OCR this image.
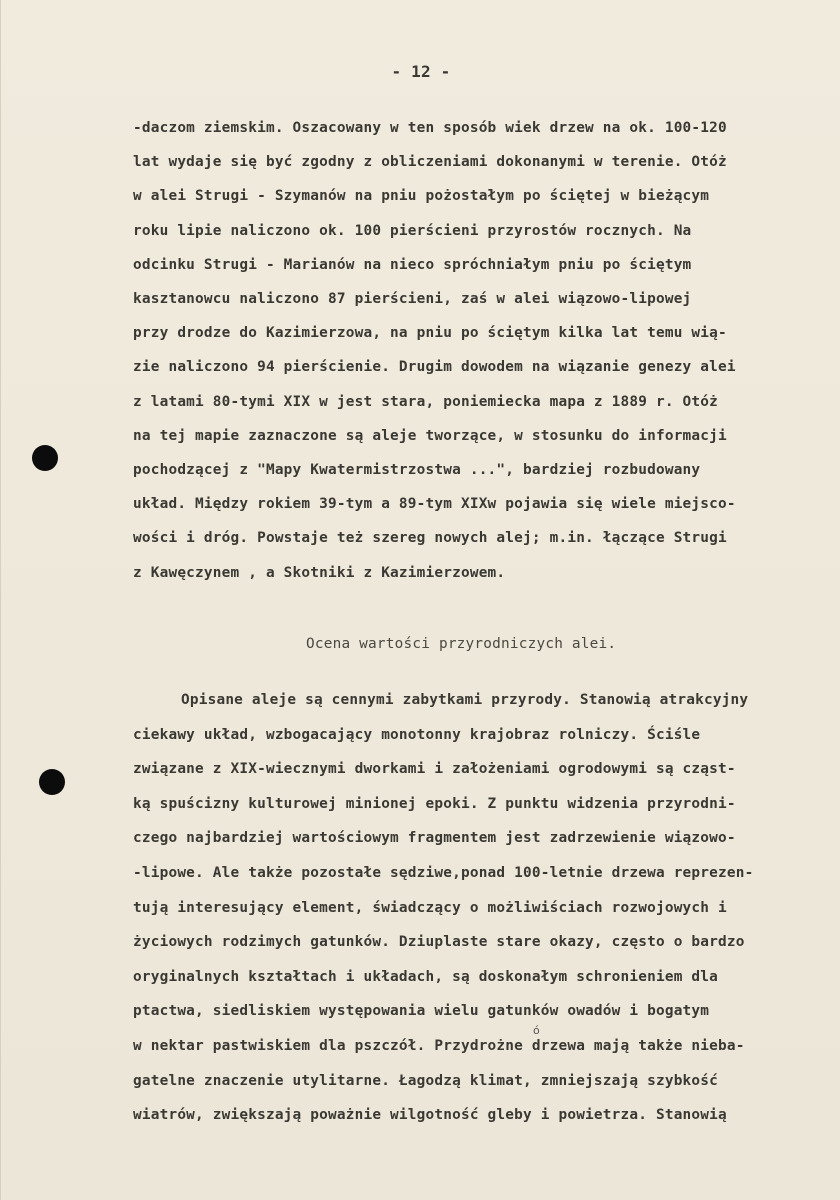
- 12 -
-daczom ziemskim. Oszacowany w ten sposób wiek drzew na ok. 100-120
lat wydaje się być zgodny z obliczeniami dokonanymi w terenie. Otóż
w alei Strugi - Szymanów na pniu pożostałym po ściętej w bieżącym
roku lipie naliczono ok. 100 pierścieni przyrostów rocznych. Na
odcinku Strugi - Marianów na nieco spróchniałym pniu po ściętym
kasztanowcu naliczono 87 pierścieni, zaś w alei wiązowo-lipowej
przy drodze do Kazimierzowa, na pniu po ściętym kilka lat temu wią-
zie naliczono 94 pierścienie. Drugim dowodem na wiązanie genezy alei
z latami 80-tymi XIX w jest stara, poniemiecka mapa z 1889 r. Otóż
na tej mapie zaznaczone są aleje tworzące, w stosunku do informacji
pochodzącej z "Mapy Kwatermistrzostwa ...", bardziej rozbudowany
układ. Między rokiem 39-tym a 89-tym XIXw pojawia się wiele miejsco-
wości i dróg. Powstaje też szereg nowych alej; m.in. łączące Strugi
z Kawęczynem , a Skotniki z Kazimierzowem.
Ocena wartości przyrodniczych alei.
Opisane aleje są cennymi zabytkami przyrody. Stanowią atrakcyjny
ciekawy układ, wzbogacający monotonny krajobraz rolniczy. Ściśle
związane z XIX-wiecznymi dworkami i założeniami ogrodowymi są cząst-
ką spuścizny kulturowej minionej epoki. Z punktu widzenia przyrodni-
czego najbardziej wartościowym fragmentem jest zadrzewienie wiązowo-
-lipowe. Ale także pozostałe sędziwe,ponad 100-letnie drzewa reprezen-
tują interesujący element, świadczący o możliwiściach rozwojowych i
życiowych rodzimych gatunków. Dziuplaste stare okazy, często o bardzo
oryginalnych kształtach i układach, są doskonałym schronieniem dla
ptactwa, siedliskiem występowania wielu gatunków owadów i bogatym
w nektar pastwiskiem dla pszczół. Przydrożne drzewa mają także nieba-
gatelne znaczenie utylitarne. Łagodzą klimat, zmniejszają szybkość
wiatrów, zwiększają poważnie wilgotność gleby i powietrza. Stanowią
ó
